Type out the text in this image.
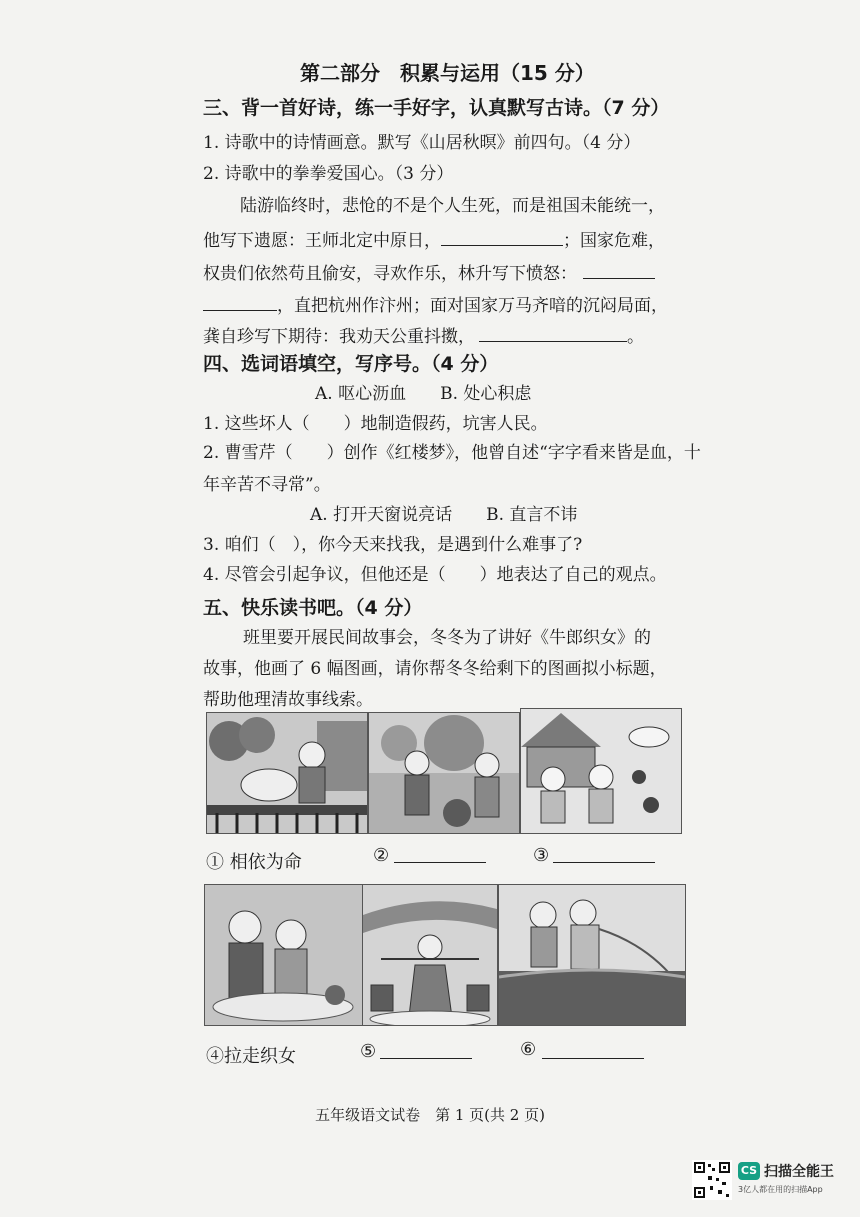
第二部分　积累与运用（15 分）
三、背一首好诗，练一手好字，认真默写古诗。（7 分）
1. 诗歌中的诗情画意。默写《山居秋暝》前四句。（4 分）
2. 诗歌中的拳拳爱国心。（3 分）
陆游临终时，悲怆的不是个人生死，而是祖国未能统一，
他写下遗愿：王师北定中原日，	；国家危难，
权贵们依然苟且偷安，寻欢作乐，林升写下愤怒：
，直把杭州作汴州；面对国家万马齐喑的沉闷局面，
龚自珍写下期待：我劝天公重抖擞，	。
四、选词语填空，写序号。（4 分）
A. 呕心沥血　　B. 处心积虑
1. 这些坏人（　　）地制造假药，坑害人民。
2. 曹雪芹（　　）创作《红楼梦》，他曾自述“字字看来皆是血，十
年辛苦不寻常”。
A. 打开天窗说亮话　　B. 直言不讳
3. 咱们（　），你今天来找我，是遇到什么难事了?
4. 尽管会引起争议，但他还是（　　）地表达了自己的观点。
五、快乐读书吧。（4 分）
班里要开展民间故事会，冬冬为了讲好《牛郎织女》的
故事，他画了 6 幅图画，请你帮冬冬给剩下的图画拟小标题，
帮助他理清故事线索。
① 相依为命	②	③
④拉走织女	⑤	⑥
五年级语文试卷　第 1 页(共 2 页)
CS 扫描全能王
3亿人都在用的扫描App
